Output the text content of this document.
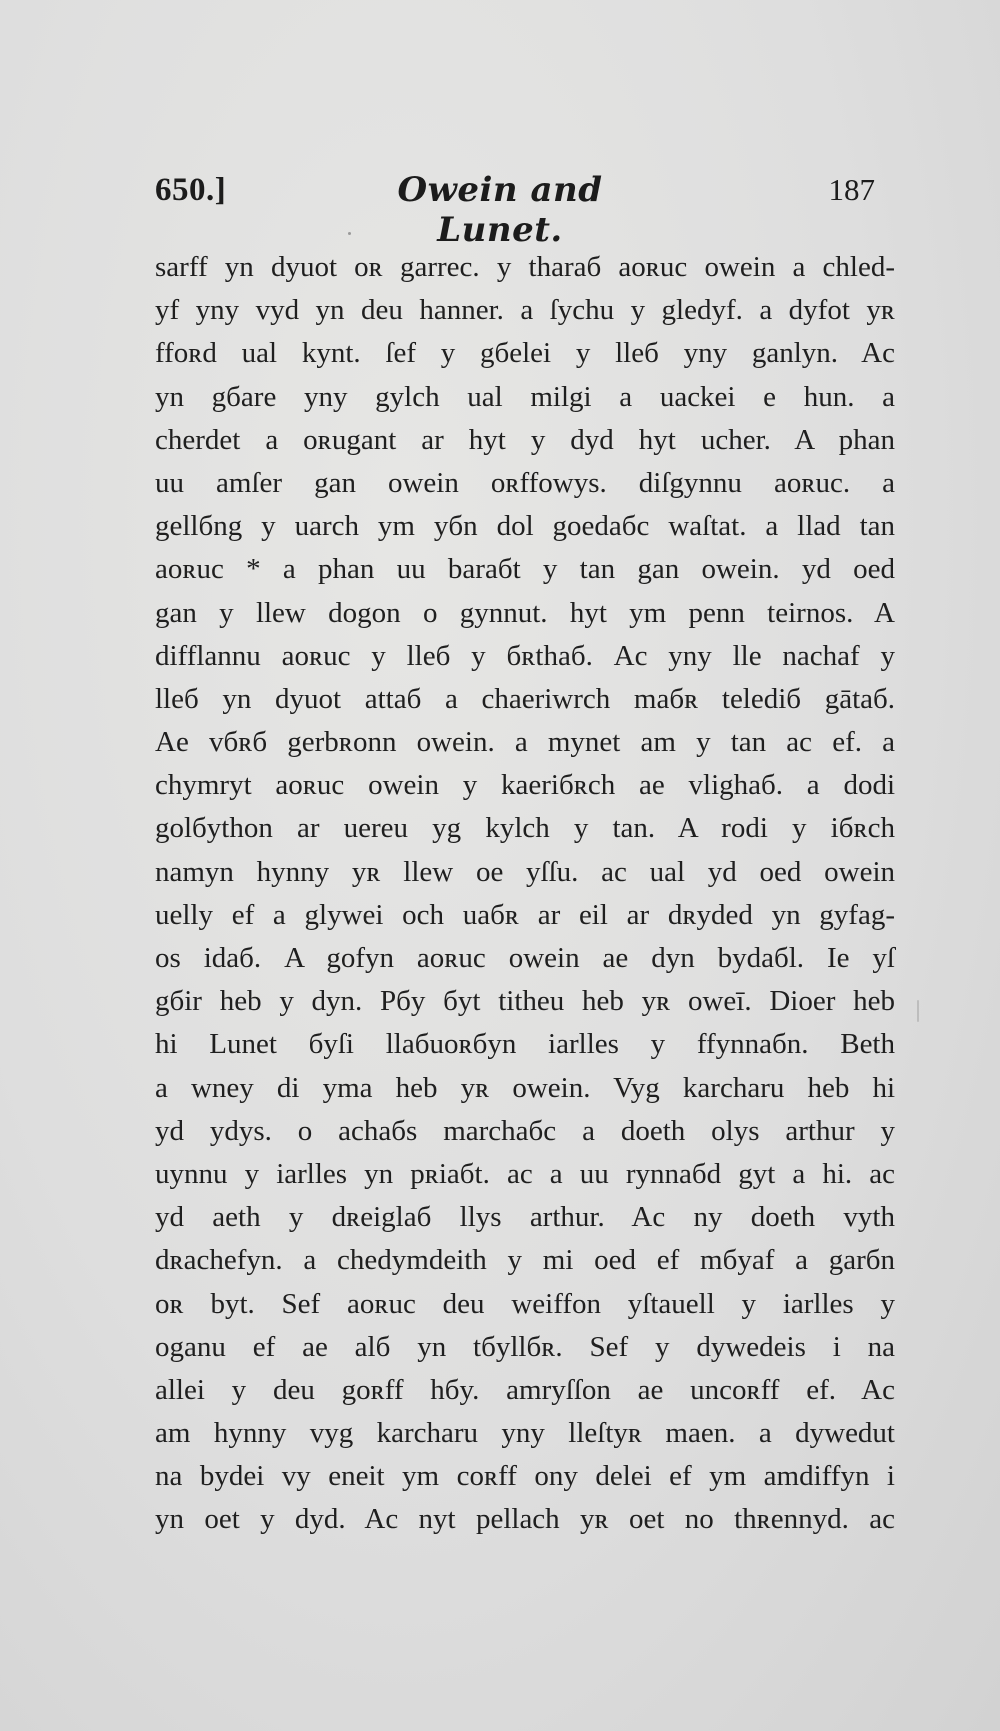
650.]	Owein and Lunet.
187
sarff yn dyuot oʀ garrec. y tharaб aoʀuc owein a chled-
yf yny vyd yn deu hanner. a ſychu y gledyf. a dyfot yʀ
ffoʀd ual kynt. ſef y gбelei y lleб yny ganlyn. Ac
yn gбare yny gylch ual milgi a uackei e hun. a
cherdet a oʀugant ar hyt y dyd hyt ucher. A phan
uu amſer gan owein oʀffowys. diſgynnu aoʀuc. a
gellбng y uarch ym yбn dol goedaбc waſtat. a llad tan
aoʀuc * a phan uu baraбt y tan gan owein. yd oed
gan y llew dogon o gynnut. hyt ym penn teirnos. A
difflannu aoʀuc y lleб y бʀthaб. Ac yny lle nachaf y
lleб yn dyuot attaб a chaeriwrch maбʀ telediб gātaб.
Ae vбʀб gerbʀonn owein. a mynet am y tan ac ef. a
chymryt aoʀuc owein y kaeriбʀch ae vlighaб. a dodi
golбython ar uereu yg kylch y tan. A rodi y iбʀch
namyn hynny yʀ llew oe yſſu. ac ual yd oed owein
uelly ef a glywei och uaбʀ ar eil ar dʀyded yn gyfag-
os idaб. A gofyn aoʀuc owein ae dyn bydaбl. Ie yſ
gбir heb y dyn. Pбy бyt titheu heb yʀ oweī. Dioer heb
hi Lunet бyſi llaбuoʀбyn iarlles y ffynnaбn. Beth
a wney di yma heb yʀ owein. Vyg karcharu heb hi
yd ydys. o achaбs marchaбc a doeth olys arthur y
uynnu y iarlles yn pʀiaбt. ac a uu rynnaбd gyt a hi. ac
yd aeth y dʀeiglaб llys arthur. Ac ny doeth vyth
dʀachefyn. a chedymdeith y mi oed ef mбyaf a garбn
oʀ byt. Sef aoʀuc deu weiffon yſtauell y iarlles y
oganu ef ae alб yn tбyllбʀ. Sef y dywedeis i na
allei y deu goʀff hбy. amryſſon ae uncoʀff ef. Ac
am hynny vyg karcharu yny lleſtyʀ maen. a dywedut
na bydei vy eneit ym coʀff ony delei ef ym amdiffyn i
yn oet y dyd. Ac nyt pellach yʀ oet no thʀennyd. ac
